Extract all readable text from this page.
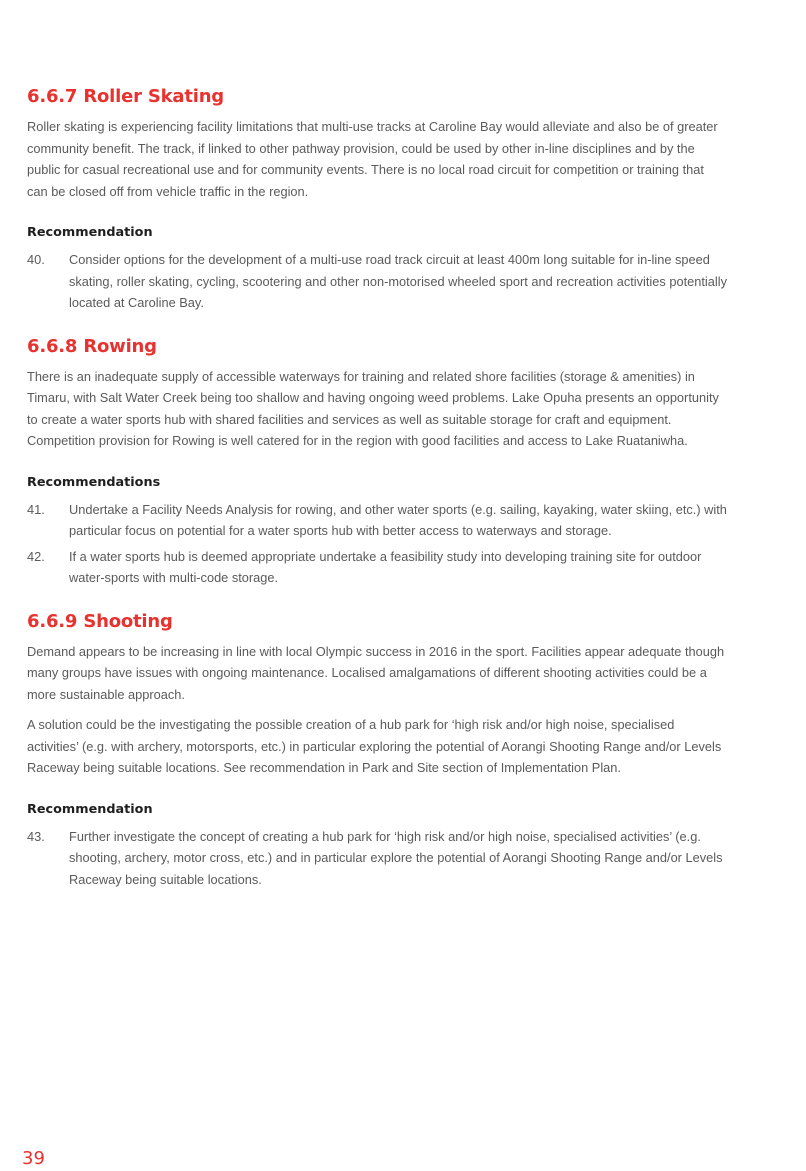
6.6.7 Roller Skating

Roller skating is experiencing facility limitations that multi-use tracks at Caroline Bay would alleviate and also be of greater community benefit. The track, if linked to other pathway provision, could be used by other in-line disciplines and by the public for casual recreational use and for community events. There is no local road circuit for competition or training that can be closed off from vehicle traffic in the region.

Recommendation
40.	Consider options for the development of a multi-use road track circuit at least 400m long suitable for in-line speed skating, roller skating, cycling, scootering and other non-motorised wheeled sport and recreation activities potentially located at Caroline Bay.
6.6.8 Rowing

There is an inadequate supply of accessible waterways for training and related shore facilities (storage & amenities) in Timaru, with Salt Water Creek being too shallow and having ongoing weed problems. Lake Opuha presents an opportunity to create a water sports hub with shared facilities and services as well as suitable storage for craft and equipment. Competition provision for Rowing is well catered for in the region with good facilities and access to Lake Ruataniwha.

Recommendations
41.	Undertake a Facility Needs Analysis for rowing, and other water sports (e.g. sailing, kayaking, water skiing, etc.) with particular focus on potential for a water sports hub with better access to waterways and storage.
42.	If a water sports hub is deemed appropriate undertake a feasibility study into developing training site for outdoor water-sports with multi-code storage.
6.6.9 Shooting

Demand appears to be increasing in line with local Olympic success in 2016 in the sport. Facilities appear adequate though many groups have issues with ongoing maintenance. Localised amalgamations of different shooting activities could be a more sustainable approach.

A solution could be the investigating the possible creation of a hub park for ‘high risk and/or high noise, specialised activities’ (e.g. with archery, motorsports, etc.) in particular exploring the potential of Aorangi Shooting Range and/or Levels Raceway being suitable locations. See recommendation in Park and Site section of Implementation Plan.

Recommendation
43.	Further investigate the concept of creating a hub park for ‘high risk and/or high noise, specialised activities’ (e.g. shooting, archery, motor cross, etc.) and in particular explore the potential of Aorangi Shooting Range and/or Levels Raceway being suitable locations.
39
